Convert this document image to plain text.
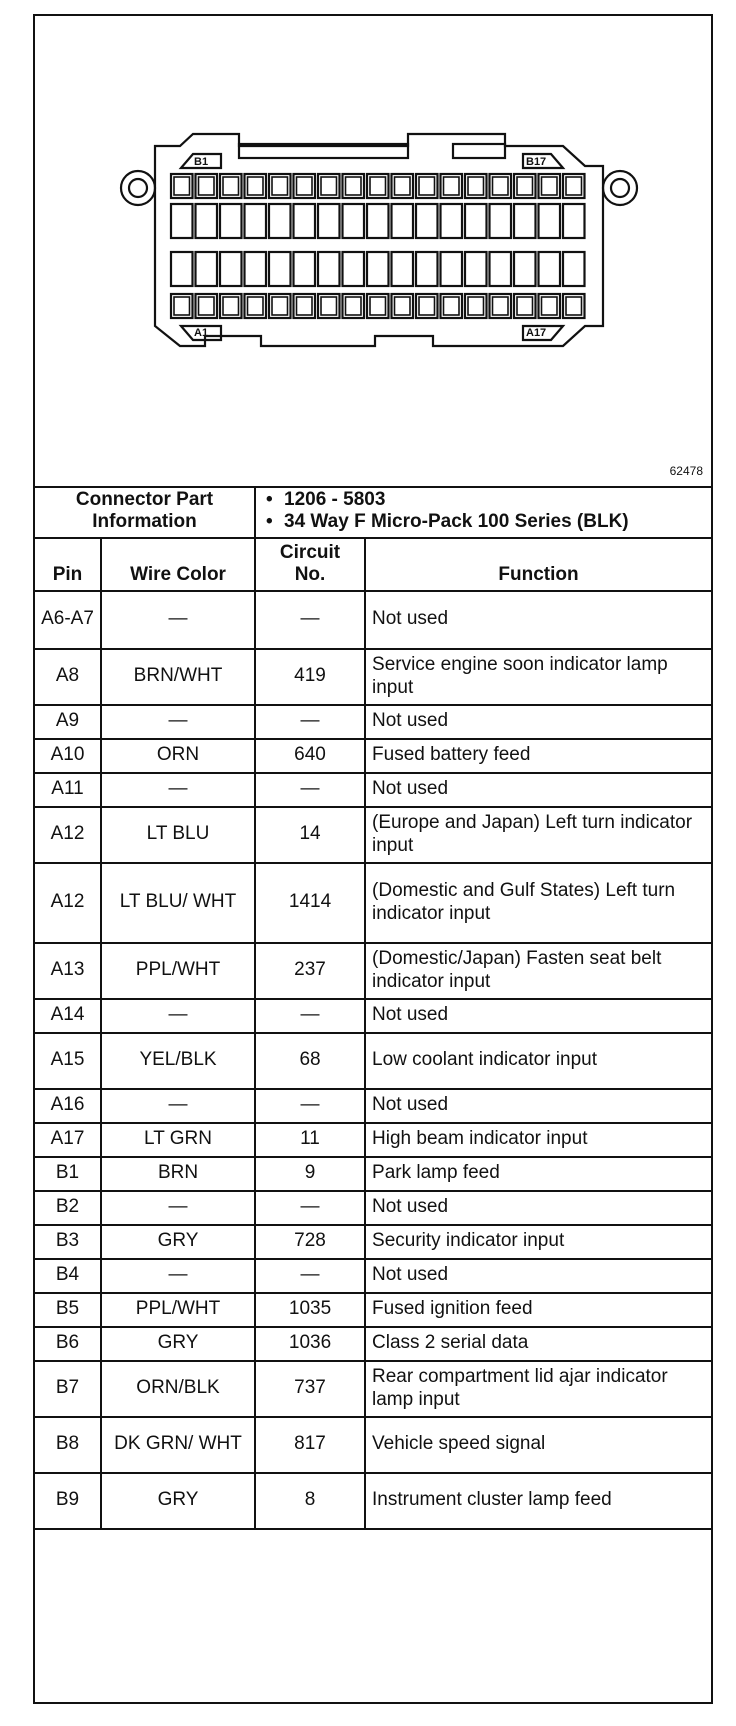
B1	B17
A1	A17
62478
Connector Part Information		• 1206 - 5803
• 34 Way F Micro-Pack 100 Series (BLK)

Pin	Wire Color	Circuit No.	Function
A6-A7	—	—	Not used
A8	BRN/WHT	419	Service engine soon indicator lamp input
A9	—	—	Not used
A10	ORN	640	Fused battery feed
A11	—	—	Not used
A12	LT BLU	14	(Europe and Japan) Left turn indicator input
A12	LT BLU/ WHT	1414	(Domestic and Gulf States) Left turn indicator input
A13	PPL/WHT	237	(Domestic/Japan) Fasten seat belt indicator input
A14	—	—	Not used
A15	YEL/BLK	68	Low coolant indicator input
A16	—	—	Not used
A17	LT GRN	11	High beam indicator input
B1	BRN	9	Park lamp feed
B2	—	—	Not used
B3	GRY	728	Security indicator input
B4	—	—	Not used
B5	PPL/WHT	1035	Fused ignition feed
B6	GRY	1036	Class 2 serial data
B7	ORN/BLK	737	Rear compartment lid ajar indicator lamp input
B8	DK GRN/ WHT	817	Vehicle speed signal
B9	GRY	8	Instrument cluster lamp feed
